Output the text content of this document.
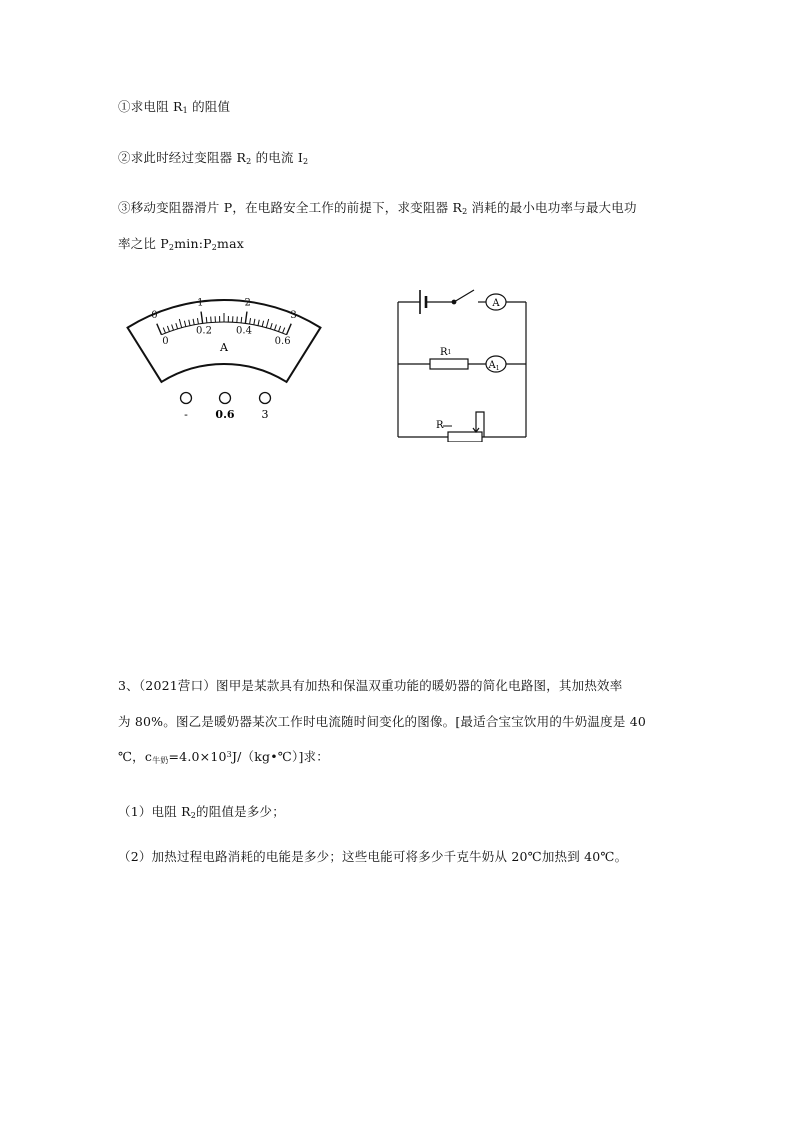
①求电阻 $R_1$ 的阻值
②求此时经过变阻器 $R_2$ 的电流 $I_2$
③移动变阻器滑片 P，在电路安全工作的前提下，求变阻器 $R_2$ 消耗的最小电功率与最大电功
率之比 $P_2\min:P_2\max$
0
0
1
0.2
2
0.4
3
0.6
A
-	0.6 3
A
$A_1$
R1
R
3、（2021营口）图甲是某款具有加热和保温双重功能的暖奶器的简化电路图，其加热效率
为 80%。图乙是暖奶器某次工作时电流随时间变化的图像。[最适合宝宝饮用的牛奶温度是 40
℃，$c_{牛奶}=4.0\times 10^3J/(kg•℃)$]求：
（1）电阻 $R_2$的阻值是多少；
（2）加热过程电路消耗的电能是多少；这些电能可将多少千克牛奶从 20℃加热到 40℃。
